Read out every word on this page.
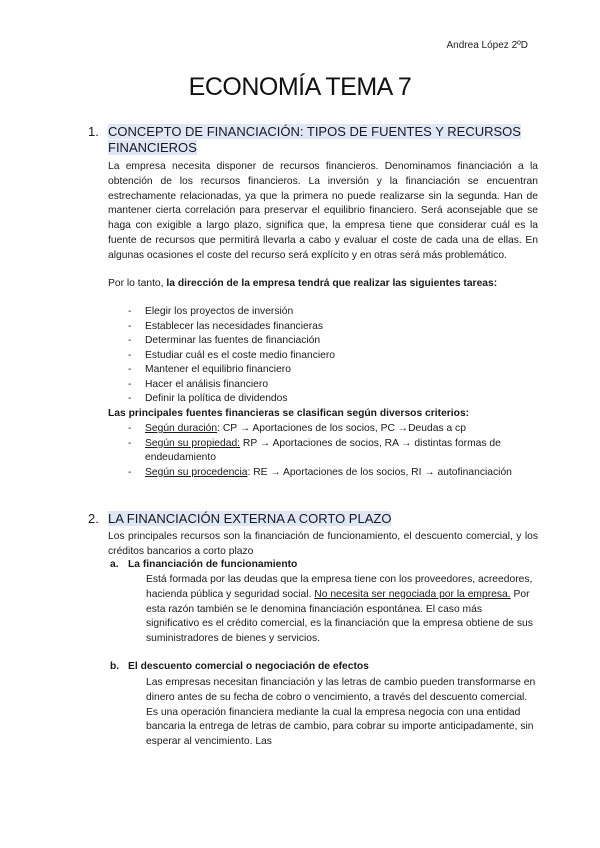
Andrea López 2ºD
ECONOMÍA TEMA 7
1. CONCEPTO DE FINANCIACIÓN: TIPOS DE FUENTES Y RECURSOS
FINANCIEROS

La empresa necesita disponer de recursos financieros. Denominamos financiación a la obtención de los recursos financieros. La inversión y la financiación se encuentran estrechamente relacionadas, ya que la primera no puede realizarse sin la segunda. Han de mantener cierta correlación para preservar el equilibrio financiero. Será aconsejable que se haga con exigible a largo plazo, significa que, la empresa tiene que considerar cuál es la fuente de recursos que permitirá llevarla a cabo y evaluar el coste de cada una de ellas. En algunas ocasiones el coste del recurso será explícito y en otras será más problemático.

Por lo tanto, la dirección de la empresa tendrá que realizar las siguientes tareas:

- Elegir los proyectos de inversión
- Establecer las necesidades financieras
- Determinar las fuentes de financiación
- Estudiar cuál es el coste medio financiero
- Mantener el equilibrio financiero
- Hacer el análisis financiero
- Definir la política de dividendos

Las principales fuentes financieras se clasifican según diversos criterios:

- Según duración: CP → Aportaciones de los socios, PC →Deudas a cp
- Según su propiedad: RP → Aportaciones de socios, RA → distintas formas de endeudamiento
- Según su procedencia: RE → Aportaciones de los socios, RI → autofinanciación
2. LA FINANCIACIÓN EXTERNA A CORTO PLAZO

Los principales recursos son la financiación de funcionamiento, el descuento comercial, y los créditos bancarios a corto plazo

a. La financiación de funcionamiento

Está formada por las deudas que la empresa tiene con los proveedores, acreedores, hacienda pública y seguridad social. No necesita ser negociada por la empresa. Por esta razón también se le denomina financiación espontánea. El caso más significativo es el crédito comercial, es la financiación que la empresa obtiene de sus suministradores de bienes y servicios.

b. El descuento comercial o negociación de efectos

Las empresas necesitan financiación y las letras de cambio pueden transformarse en dinero antes de su fecha de cobro o vencimiento, a través del descuento comercial. Es una operación financiera mediante la cual la empresa negocia con una entidad bancaria la entrega de letras de cambio, para cobrar su importe anticipadamente, sin esperar al vencimiento. Las
